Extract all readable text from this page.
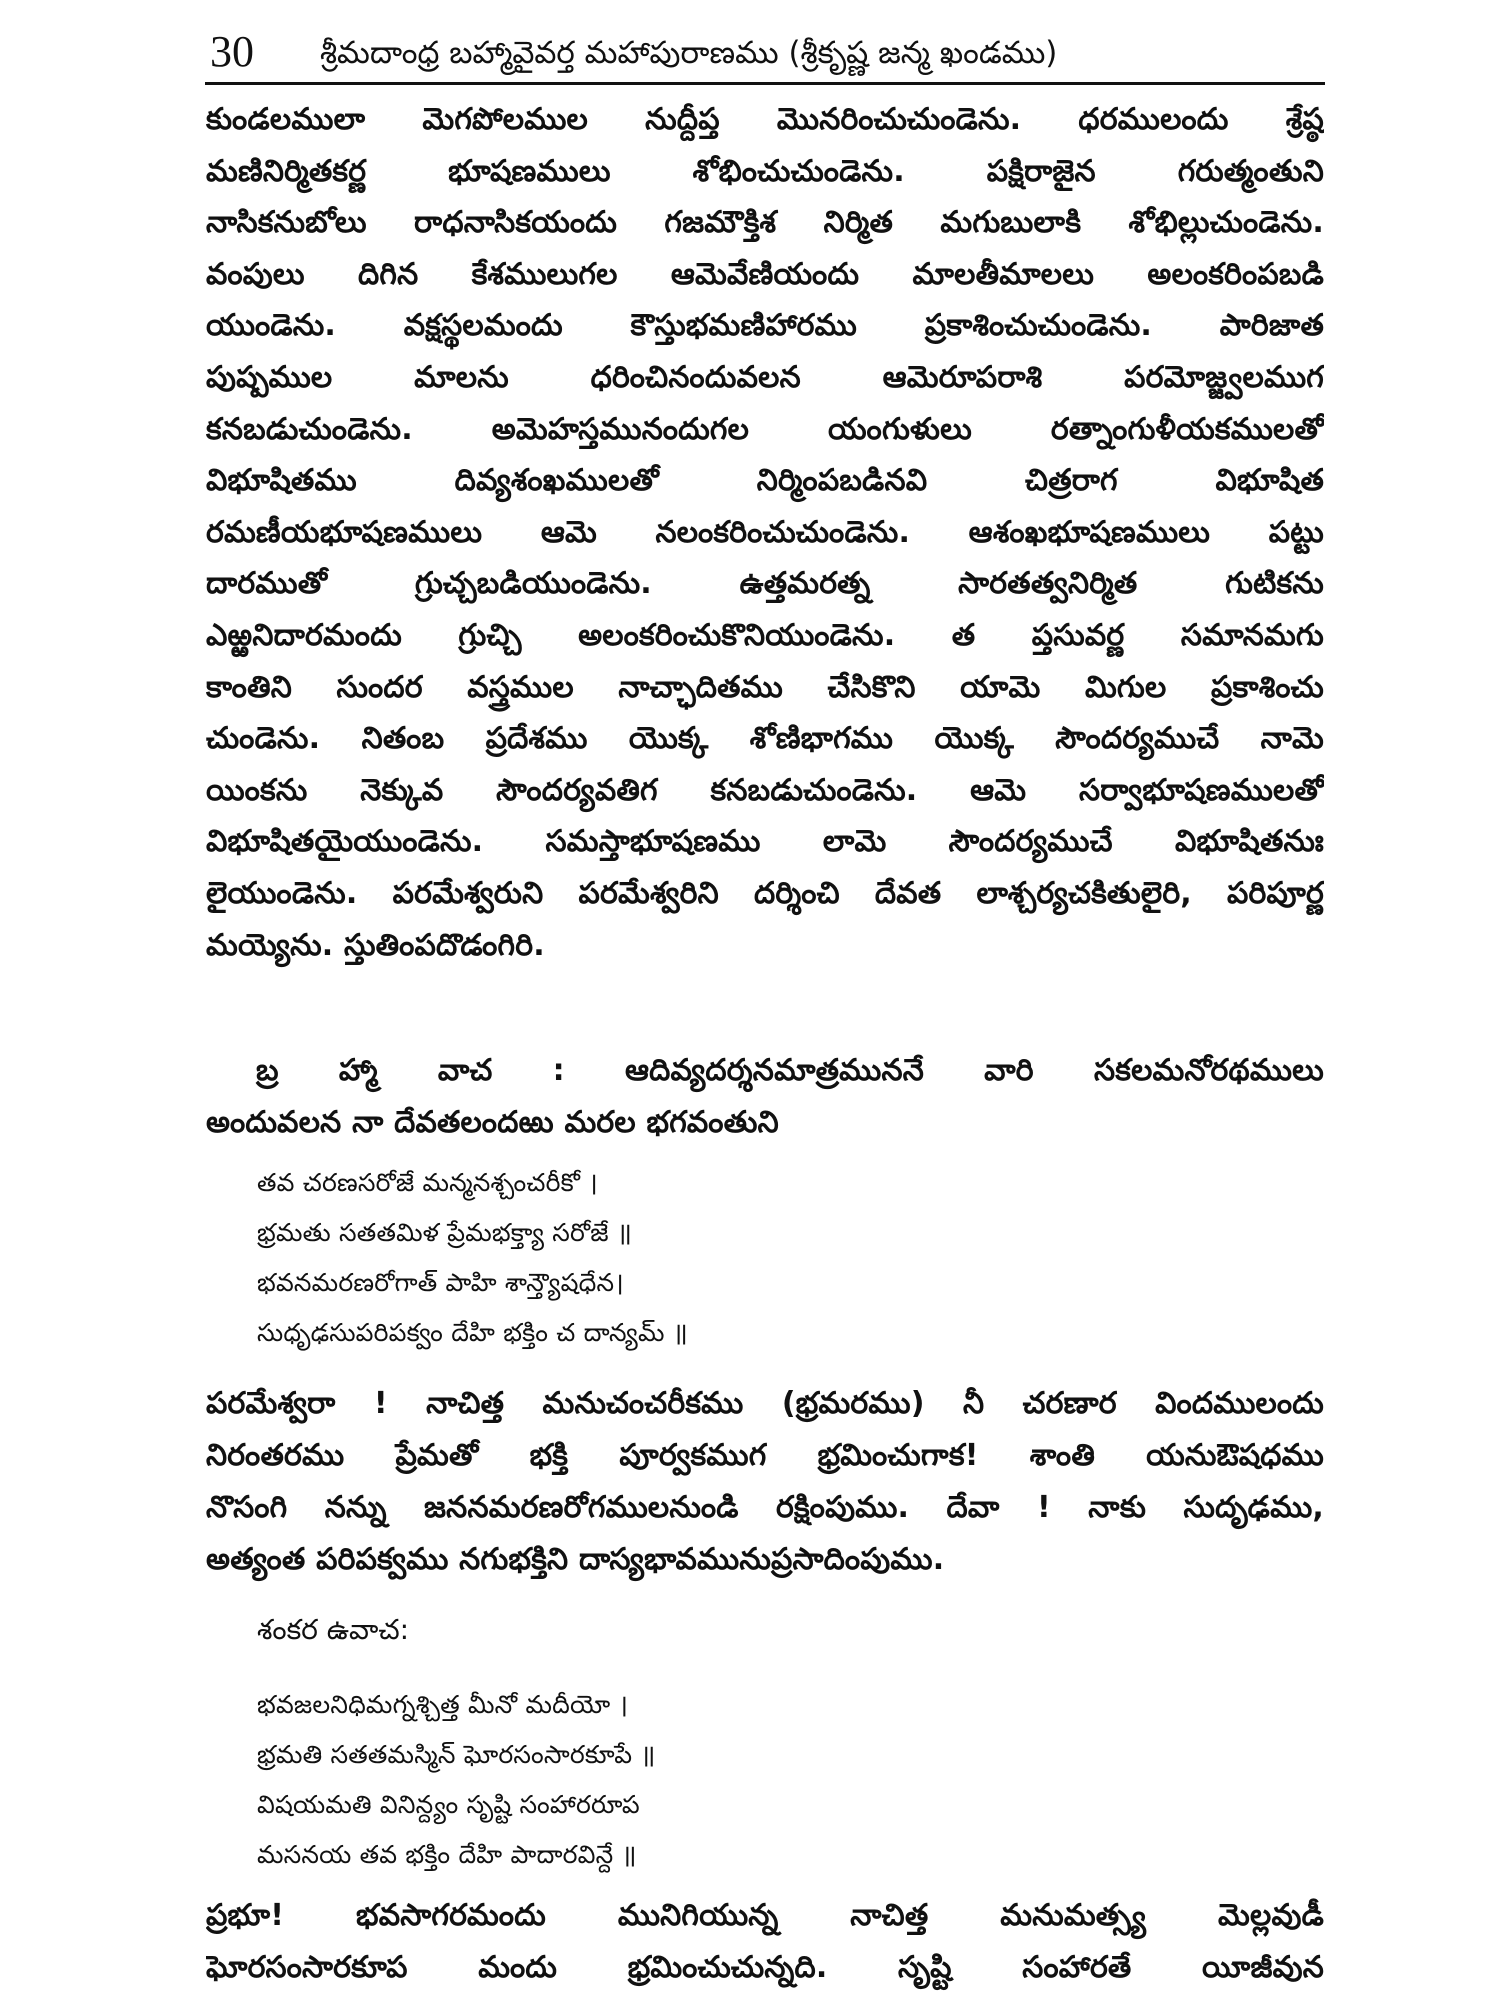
30 శ్రీమదాంధ్ర బహ్మావైవర్త మహాపురాణము (శ్రీకృష్ణ జన్మ ఖండము)
కుండలములా మెగపోలముల నుద్దీప్త మొనరించుచుండెను. ధరములందు శ్రేష్ఠ
మణినిర్మితకర్ణ భూషణములు శోభించుచుండెను. పక్షిరాజైన గరుత్మంతుని
నాసికనుబోలు రాధనాసికయందు గజమౌక్తిశ నిర్మిత మగుబులాకి శోభిల్లుచుండెను.
వంపులు దిగిన కేశములుగల ఆమెవేణియందు మాలతీమాలలు అలంకరింపబడి
యుండెను. వక్షస్థలమందు కౌస్తుభమణిహారము ప్రకాశించుచుండెను. పారిజాత
పుష్పముల మాలను ధరించినందువలన ఆమెరూపరాశి పరమోజ్జ్వలముగ
కనబడుచుండెను. అమెహస్తమునందుగల యంగుళులు రత్నాంగుళీయకములతో
విభూషితము దివ్యశంఖములతో నిర్మింపబడినవి చిత్రరాగ విభూషిత
రమణీయభూషణములు ఆమె నలంకరించుచుండెను. ఆశంఖభూషణములు పట్టు
దారముతో గ్రుచ్చబడియుండెను. ఉత్తమరత్న సారతత్వనిర్మిత గుటికను
ఎఱ్ఱనిదారమందు గ్రుచ్చి అలంకరించుకొనియుండెను. త ప్తసువర్ణ సమానమగు
కాంతిని సుందర వస్త్రముల నాచ్ఛాదితము చేసికొని యామె మిగుల ప్రకాశించు
చుండెను. నితంబ ప్రదేశము యొక్క శోణిభాగము యొక్క సౌందర్యముచే నామె
యింకను నెక్కువ సౌందర్యవతిగ కనబడుచుండెను. ఆమె సర్వాభూషణములతో
విభూషితయైయుండెను. సమస్తాభూషణము లామె సౌందర్యముచే విభూషితనుః
లైయుండెను. పరమేశ్వరుని పరమేశ్వరిని దర్శించి దేవత లాశ్చర్యచకితులైరి, పరిపూర్ణ
మయ్యెను. స్తుతింపదొడంగిరి.
బ్ర హ్మా వాచ : ఆదివ్యదర్శనమాత్రముననే వారి సకలమనోరథములు
అందువలన నా దేవతలందఱు మరల భగవంతుని
తవ చరణసరోజే మన్మనశ్చంచరీకో ।
భ్రమతు సతతమిళ ప్రేమభక్త్యా సరోజే ॥
భవనమరణరోగాత్ పాహి శాన్త్యౌషధేన।
సుధృఢసుపరిపక్వం దేహి భక్తిం చ దాన్యమ్ ॥
పరమేశ్వరా ! నాచిత్త మనుచంచరీకము (భ్రమరము) నీ చరణార విందములందు
నిరంతరము ప్రేమతో భక్తి పూర్వకముగ భ్రమించుగాక! శాంతి యనుఔషధము
నొసంగి నన్ను జననమరణరోగములనుండి రక్షింపుము. దేవా ! నాకు సుదృఢము,
అత్యంత పరిపక్వము నగుభక్తిని దాస్యభావమునుప్రసాదింపుము.
శంకర ఉవాచ:
భవజలనిధిమగ్నశ్చిత్త మీనో మదీయో ।
భ్రమతి సతతమస్మిన్ ఘోరసంసారకూపే ॥
విషయమతి వినిన్ద్యం సృష్టి సంహారరూప
మసనయ తవ భక్తిం దేహి పాదారవిన్దే ॥
ప్రభూ! భవసాగరమందు మునిగియున్న నాచిత్త మనుమత్స్య మెల్లవుడీ
ఘోరసంసారకూప మందు భ్రమించుచున్నది. సృష్టి సంహారతే యీజీవున
